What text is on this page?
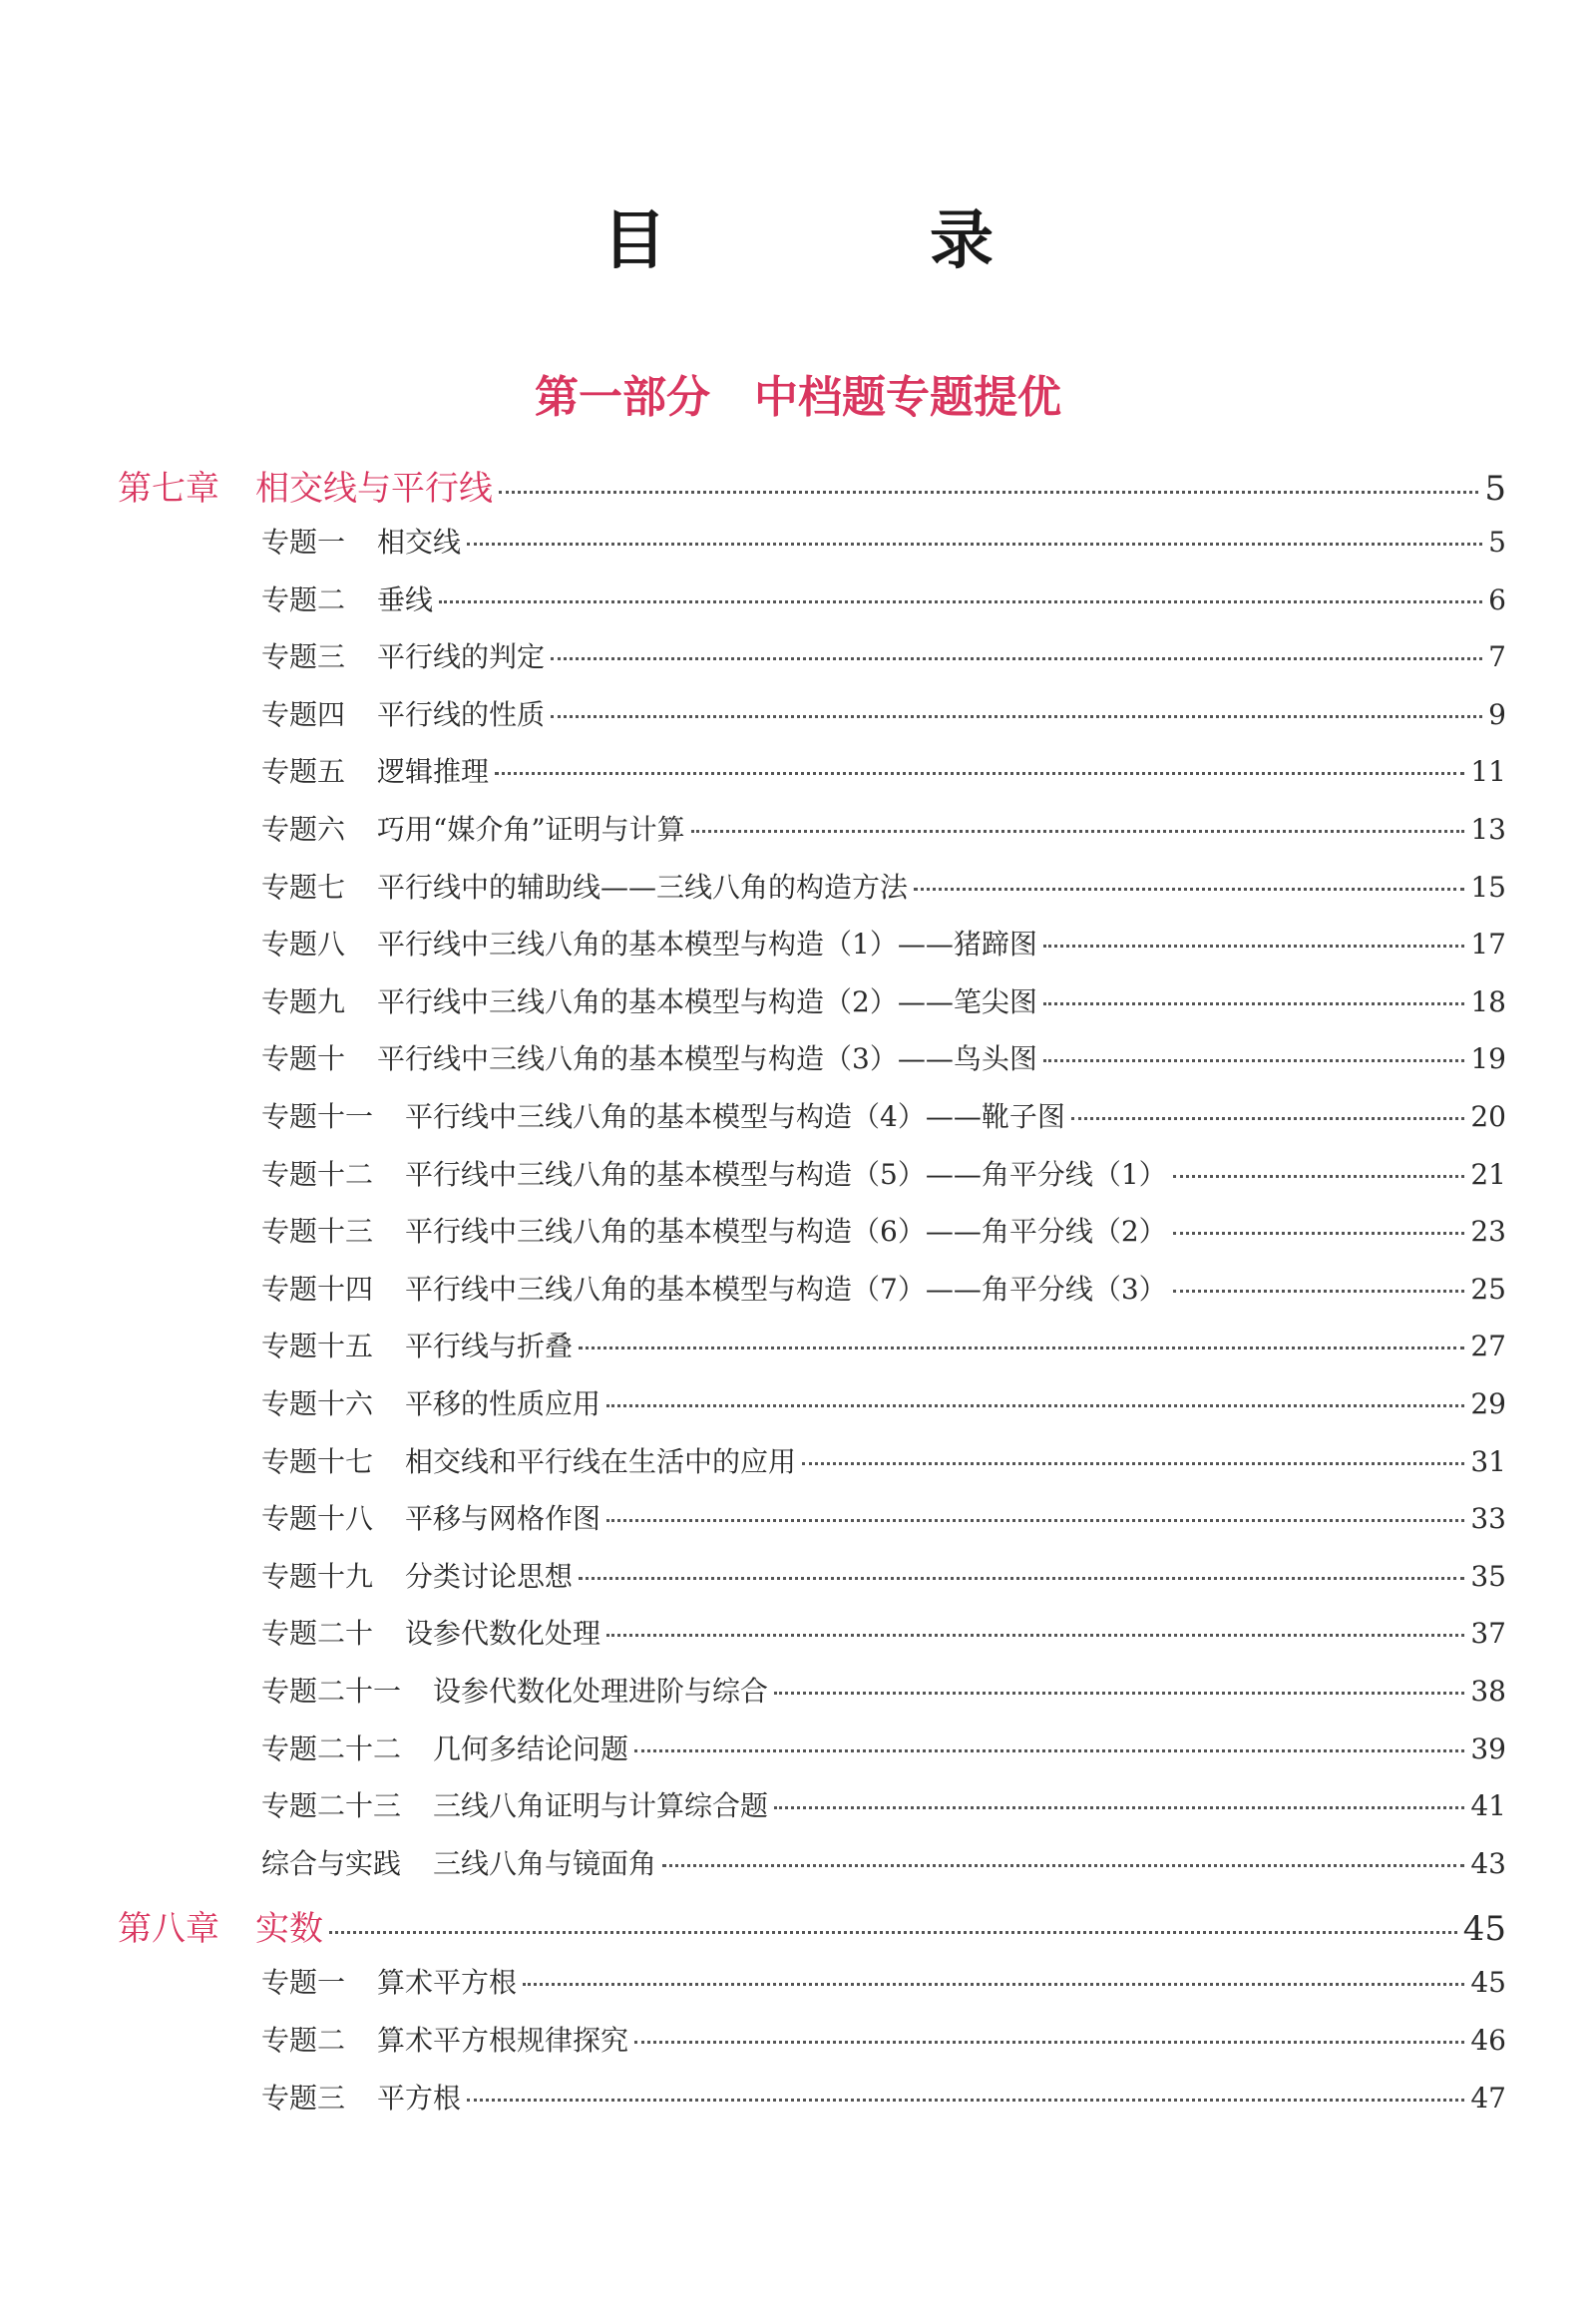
目　录
第一部分　中档题专题提优
第七章 相交线与平行线	5
专题一 相交线	5
专题二 垂线	6
专题三 平行线的判定	7
专题四 平行线的性质	9
专题五 逻辑推理	11
专题六 巧用“媒介角”证明与计算	13
专题七 平行线中的辅助线——三线八角的构造方法	15
专题八 平行线中三线八角的基本模型与构造（1）——猪蹄图	17
专题九 平行线中三线八角的基本模型与构造（2）——笔尖图	18
专题十 平行线中三线八角的基本模型与构造（3）——鸟头图	19
专题十一 平行线中三线八角的基本模型与构造（4）——靴子图	20
专题十二 平行线中三线八角的基本模型与构造（5）——角平分线（1）	21
专题十三 平行线中三线八角的基本模型与构造（6）——角平分线（2）	23
专题十四 平行线中三线八角的基本模型与构造（7）——角平分线（3）	25
专题十五 平行线与折叠	27
专题十六 平移的性质应用	29
专题十七 相交线和平行线在生活中的应用	31
专题十八 平移与网格作图	33
专题十九 分类讨论思想	35
专题二十 设参代数化处理	37
专题二十一 设参代数化处理进阶与综合	38
专题二十二 几何多结论问题	39
专题二十三 三线八角证明与计算综合题	41
综合与实践 三线八角与镜面角	43
第八章 实数	45
专题一 算术平方根	45
专题二 算术平方根规律探究	46
专题三 平方根	47
